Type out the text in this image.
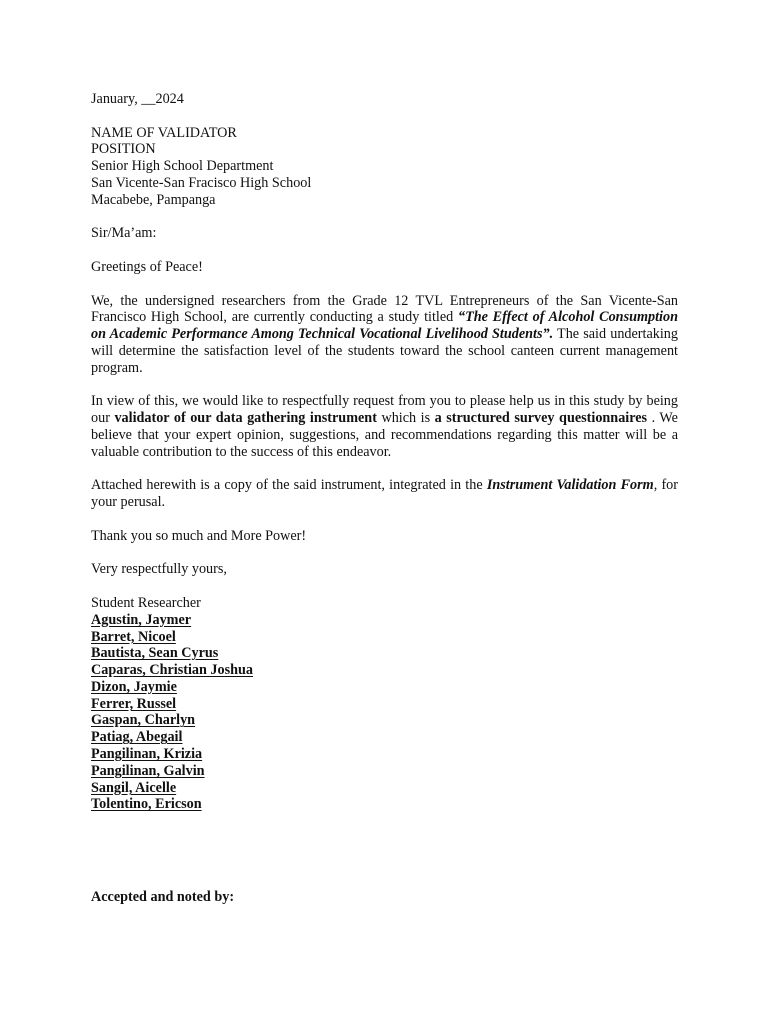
January, __2024

NAME OF VALIDATOR

POSITION

Senior High School Department

San Vicente-San Fracisco High School

Macabebe, Pampanga

Sir/Ma’am:

Greetings of Peace!

We, the undersigned researchers from the Grade 12 TVL Entrepreneurs of the San Vicente-San Francisco High School, are currently conducting a study titled “The Effect of Alcohol Consumption on Academic Performance Among Technical Vocational Livelihood Students”. The said undertaking will determine the satisfaction level of the students toward the school canteen current management program.

In view of this, we would like to respectfully request from you to please help us in this study by being our validator of our data gathering instrument which is a structured survey questionnaires . We believe that your expert opinion, suggestions, and recommendations regarding this matter will be a valuable contribution to the success of this endeavor.

Attached herewith is a copy of the said instrument, integrated in the Instrument Validation Form, for your perusal.

Thank you so much and More Power!

Very respectfully yours,

Student Researcher

Agustin, Jaymer
Barret, Nicoel
Bautista, Sean Cyrus
Caparas, Christian Joshua
Dizon, Jaymie
Ferrer, Russel
Gaspan, Charlyn
Patiag, Abegail
Pangilinan, Krizia
Pangilinan, Galvin
Sangil, Aicelle
Tolentino, Ericson

Accepted and noted by:
